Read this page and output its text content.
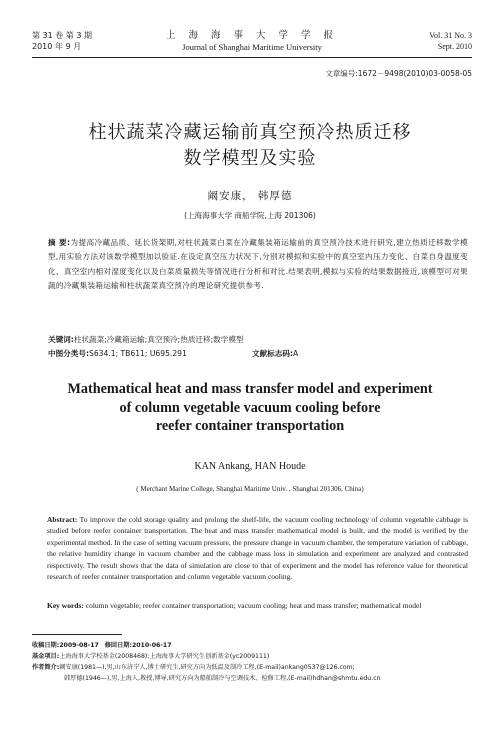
第 31 卷 第 3 期
2010 年 9 月
上 海 海 事 大 学 学 报
Journal of Shanghai Maritime University
Vol. 31 No. 3
Sept. 2010
文章编号:1672－9498(2010)03-0058-05
柱状蔬菜冷藏运输前真空预冷热质迁移
数学模型及实验
阚安康， 韩厚德
(上海海事大学 商船学院,上海 201306)
摘 要:为提高冷藏品质、延长货架期,对柱状蔬菜白菜在冷藏集装箱运输前的真空预冷技术进行研究,建立热质迁移数学模型,用实验方法对该数学模型加以验证.在设定真空压力状况下,分别对模拟和实验中的真空室内压力变化、白菜自身温度变化、真空室内相对湿度变化以及白菜质量损失等情况进行分析和对比.结果表明,模拟与实验的结果数据接近,该模型可对果蔬的冷藏集装箱运输和柱状蔬菜真空预冷的理论研究提供参考.
关键词:柱状蔬菜;冷藏箱运输;真空预冷;热质迁移;数学模型
中图分类号:S634.1; TB611; U695.291	文献标志码:A
Mathematical heat and mass transfer model and experiment
of column vegetable vacuum cooling before
reefer container transportation
KAN Ankang, HAN Houde
( Merchant Marine College, Shanghai Maritime Univ. , Shanghai 201306, China)
Abstract: To improve the cold storage quality and prolong the shelf-life, the vacuum cooling technology of column vegetable cabbage is studied before reefer container transportation. The heat and mass transfer mathematical model is built, and the model is verified by the experimental method. In the case of setting vacuum pressure, the pressure change in vacuum chamber, the temperature variation of cabbage, the relative humidity change in vacuum chamber and the cabbage mass loss in simulation and experiment are analyzed and contrasted respectively. The result shows that the data of simulation are close to that of experiment and the model has reference value for theoretical research of reefer container transportation and column vegetable vacuum cooling.
Key words: column vegetable; reefer container transportation; vacuum cooling; heat and mass transfer; mathematical model
收稿日期:2009-08-17 修回日期:2010-06-17
基金项目:上海海事大学校基金(2008468);上海海事大学研究生创新基金(yc2009111)
作者简介:阚安康(1981—),男,山东济宁人,博士研究生,研究方向为低温及制冷工程,(E-mail)ankang0537@126.com;
韩厚德(1946—),男,上海人,教授,博导,研究方向为船舶制冷与空调技术、检修工程,(E-mail)hdhan@shmtu.edu.cn
